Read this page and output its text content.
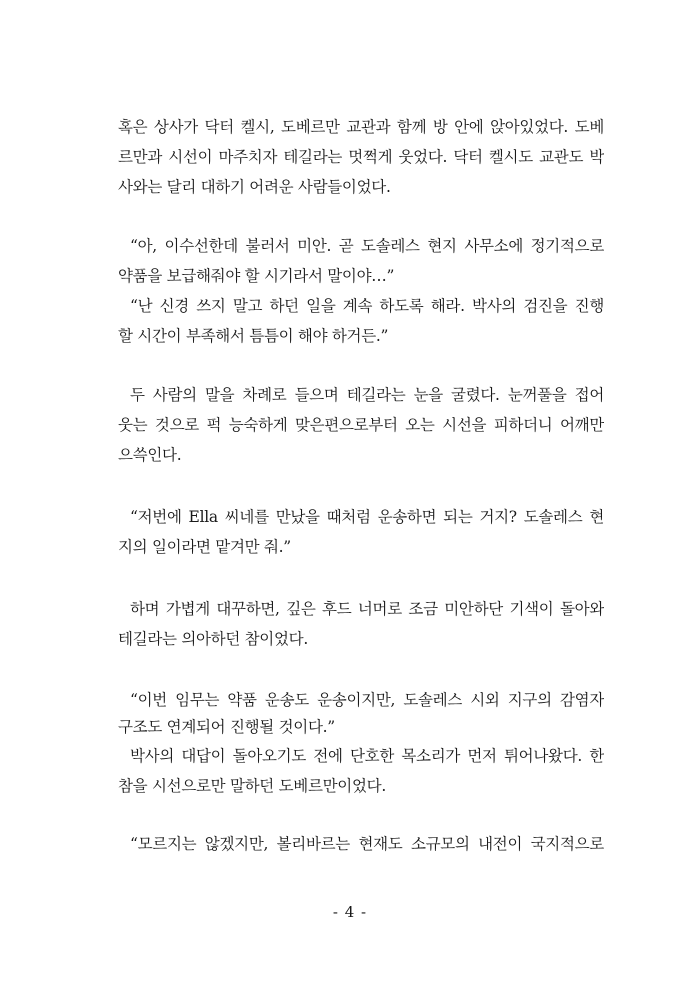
혹은 상사가 닥터 켈시, 도베르만 교관과 함께 방 안에 앉아있었다. 도베
르만과 시선이 마주치자 테길라는 멋쩍게 웃었다. 닥터 켈시도 교관도 박
사와는 달리 대하기 어려운 사람들이었다.
“아, 이수선한데 불러서 미안. 곧 도솔레스 현지 사무소에 정기적으로
약품을 보급해줘야 할 시기라서 말이야…”
“난 신경 쓰지 말고 하던 일을 계속 하도록 해라. 박사의 검진을 진행
할 시간이 부족해서 틈틈이 해야 하거든.”
두 사람의 말을 차례로 들으며 테길라는 눈을 굴렸다. 눈꺼풀을 접어
웃는 것으로 퍽 능숙하게 맞은편으로부터 오는 시선을 피하더니 어깨만
으쓱인다.
“저번에 Ella 씨네를 만났을 때처럼 운송하면 되는 거지? 도솔레스 현
지의 일이라면 맡겨만 줘.”
하며 가볍게 대꾸하면, 깊은 후드 너머로 조금 미안하단 기색이 돌아와
테길라는 의아하던 참이었다.
“이번 임무는 약품 운송도 운송이지만, 도솔레스 시외 지구의 감염자
구조도 연계되어 진행될 것이다.”
박사의 대답이 돌아오기도 전에 단호한 목소리가 먼저 튀어나왔다. 한
참을 시선으로만 말하던 도베르만이었다.
“모르지는 않겠지만, 볼리바르는 현재도 소규모의 내전이 국지적으로
- 4 -
